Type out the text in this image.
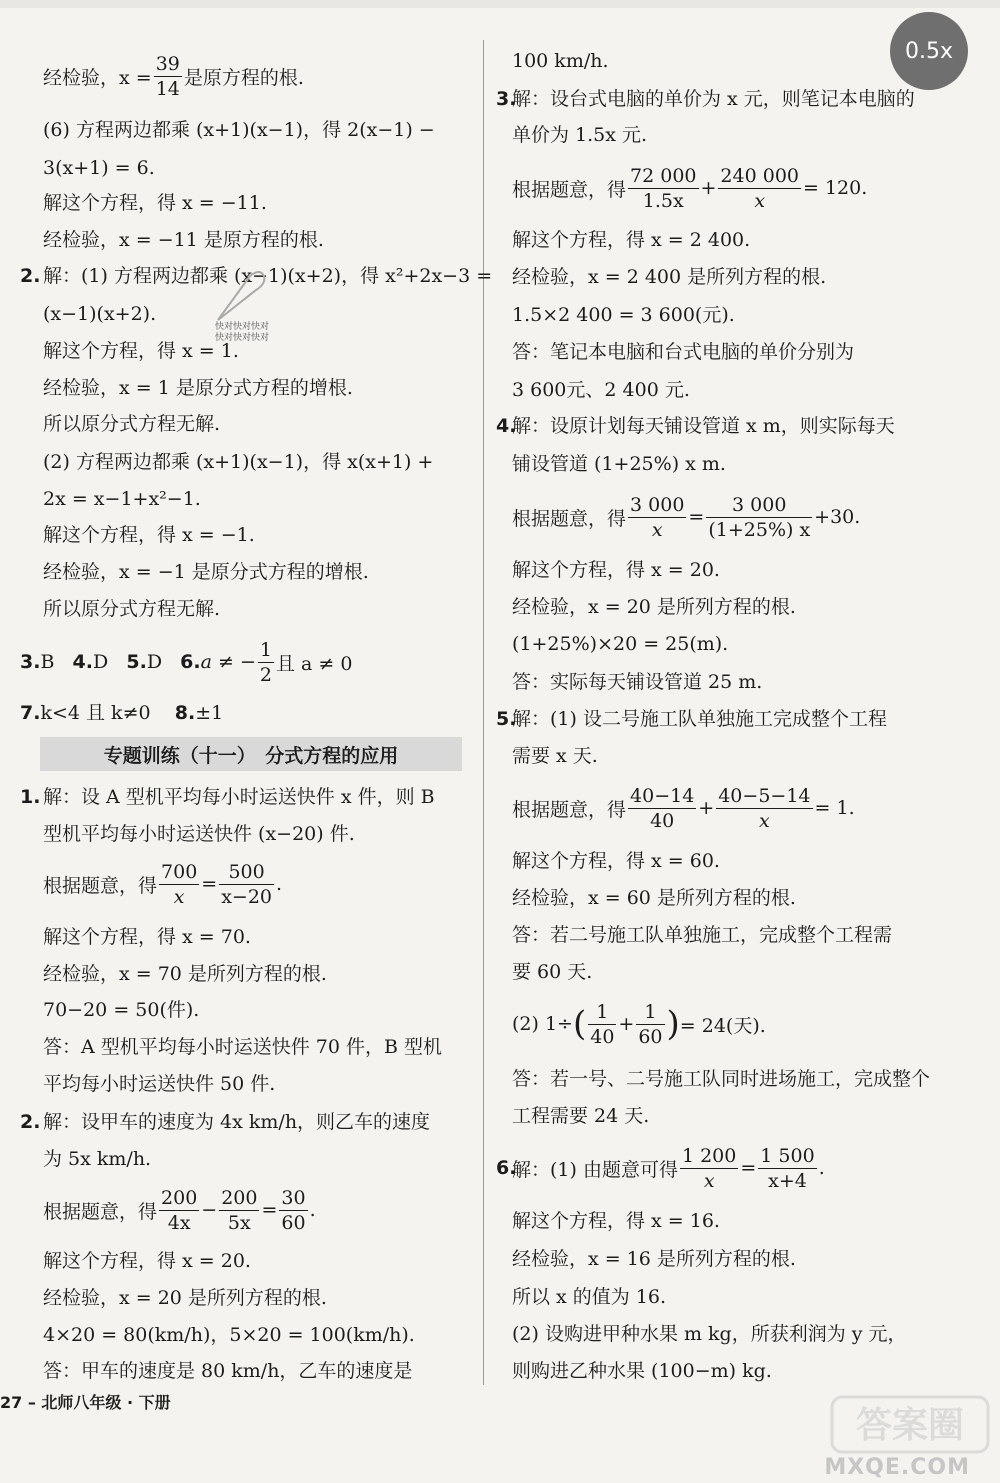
经检验，$x = \frac{39}{14}$ 是原方程的根.
(6) 方程两边都乘 (x+1)(x−1)，得 2(x−1) −
3(x+1) = 6.
解这个方程，得 x = −11.
经检验，x = −11 是原方程的根.
2. 解：(1) 方程两边都乘 (x−1)(x+2)，得 x²+2x−3 =
(x−1)(x+2).
解这个方程，得 x = 1.
经检验，x = 1 是原分式方程的增根.
所以原分式方程无解.
(2) 方程两边都乘 (x+1)(x−1)，得 x(x+1) +
2x = x−1+x²−1.
解这个方程，得 x = −1.
经检验，x = −1 是原分式方程的增根.
所以原分式方程无解.
3. B
4. D
5. D
6. a ≠ − $\frac{1}{2}$ 且 a ≠ 0
7.k<4 且 k≠0 8.±1
专题训练（十一）　分式方程的应用
1. 解：设 A 型机平均每小时运送快件 x 件，则 B
型机平均每小时运送快件 (x−20) 件.
根据题意，得 $\frac{700}{x} = \frac{500}{x-20}$ .
解这个方程，得 x = 70.
经检验，x = 70 是所列方程的根.
70−20 = 50(件).
答：A 型机平均每小时运送快件 70 件，B 型机
平均每小时运送快件 50 件.
2. 解：设甲车的速度为 4x km/h，则乙车的速度
为 5x km/h.
根据题意，得 $\frac{200}{4x} - \frac{200}{5x} = \frac{30}{60}$ .
解这个方程，得 x = 20.
经检验，x = 20 是所列方程的根.
4×20 = 80(km/h)，5×20 = 100(km/h).
答：甲车的速度是 80 km/h，乙车的速度是
100 km/h.
3.
解：设台式电脑的单价为 x 元，则笔记本电脑的
单价为 1.5x 元.
根据题意，得 $\frac{72 000}{1.5x} + \frac{240 000}{x} = 120$.
解这个方程，得 x = 2 400.
经检验，x = 2 400 是所列方程的根.
1.5×2 400 = 3 600(元).
答：笔记本电脑和台式电脑的单价分别为
3 600元、2 400 元.
4.
解：设原计划每天铺设管道 x m，则实际每天
铺设管道 (1+25%) x m.
根据题意，得 $\frac{3 000}{x} = \frac{3 000}{(1+25\%) x} +30$.
解这个方程，得 x = 20.
经检验，x = 20 是所列方程的根.
(1+25%)×20 = 25(m).
答：实际每天铺设管道 25 m.
5.
解：(1) 设二号施工队单独施工完成整个工程
需要 x 天.
根据题意，得 $\frac{40-14}{40} + \frac{40-5-14}{x} = 1$.
解这个方程，得 x = 60.
经检验，x = 60 是所列方程的根.
答：若二号施工队单独施工，完成整个工程需
要 60 天.
(2) 1÷ ( $\frac{1}{40} + \frac{1}{60}$ ) = 24(天).
答：若一号、二号施工队同时进场施工，完成整个
工程需要 24 天.
6.
解：(1) 由题意可得 $\frac{1 200}{x} = \frac{1 500}{x+4}$ .
解这个方程，得 x = 16.
经检验，x = 16 是所列方程的根.
所以 x 的值为 16.
(2) 设购进甲种水果 m kg，所获利润为 y 元，
则购进乙种水果 (100−m) kg.
快对快对快对
快对快对快对
27 – 北师八年级 · 下册
0.5x
答案圈
MXQE.COM
